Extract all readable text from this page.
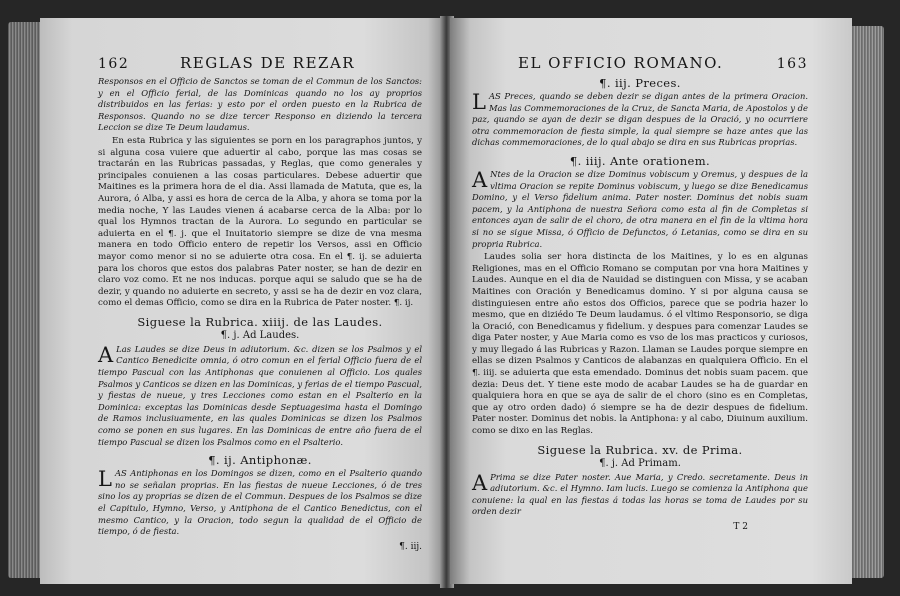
162	REGLAS DE REZAR

Responsos en el Officio de Sanctos se toman de el Commun de los Sanctos: y en el Officio ferial, de las Dominicas quando no los ay proprios distribuidos en las ferias: y esto por el orden puesto en la Rubrica de Responsos. Quando no se dize tercer Responso en diziendo la tercera Leccion se dize Te Deum laudamus.

En esta Rubrica y las siguientes se porn en los paragraphos juntos, y si alguna cosa vuiere que aduertir al cabo, porque las mas cosas se tractarán en las Rubricas passadas, y Reglas, que como generales y principales conuienen a las cosas particulares. Debese aduertir que Maitines es la primera hora de el dia. Assi llamada de Matuta, que es, la Aurora, ó Alba, y assi es hora de cerca de la Alba, y ahora se toma por la media noche, Y las Laudes vienen á acabarse cerca de la Alba: por lo qual los Hymnos tractan de la Aurora. Lo segundo en particular se aduierta en el ¶. j. que el Inuitatorio siempre se dize de vna mesma manera en todo Officio entero de repetir los Versos, assi en Officio mayor como menor si no se aduierte otra cosa. En el ¶. ij. se aduierta para los choros que estos dos palabras Pater noster, se han de dezir en claro voz como. Et ne nos inducas. porque aqui se saludo que se ha de dezir, y quando no aduierte en secreto, y assi se ha de dezir en voz clara, como el demas Officio, como se dira en la Rubrica de Pater noster. ¶. ij.

Siguese la Rubrica. xiiij. de las Laudes.
¶. j. Ad Laudes.

A Las Laudes se dize Deus in adiutorium. &c. dizen se los Psalmos y el Cantico Benedicite omnia, ó otro comun en el ferial Officio fuera de el tiempo Pascual con las Antiphonas que conuienen al Officio. Los quales Psalmos y Canticos se dizen en las Dominicas, y ferias de el tiempo Pascual, y fiestas de nueue, y tres Lecciones como estan en el Psalterio en la Dominica: exceptas las Dominicas desde Septuagesima hasta el Domingo de Ramos inclusiuamente, en las quales Dominicas se dizen los Psalmos como se ponen en sus lugares. En las Dominicas de entre año fuera de el tiempo Pascual se dizen los Psalmos como en el Psalterio.

¶. ij. Antiphonæ.

LAS Antiphonas en los Domingos se dizen, como en el Psalterio quando no se señalan proprias. En las fiestas de nueue Lecciones, ó de tres sino los ay proprias se dizen de el Commun. Despues de los Psalmos se dize el Capitulo, Hymno, Verso, y Antiphona de el Cantico Benedictus, con el mesmo Cantico, y la Oracion, todo segun la qualidad de el Officio de tiempo, ó de fiesta.

¶. iij.
EL OFFICIO ROMANO.	163
¶. iij. Preces.

LAS Preces, quando se deben dezir se digan antes de la primera Oracion. Mas las Commemoraciones de la Cruz, de Sancta Maria, de Apostolos y de paz, quando se ayan de dezir se digan despues de la Oració, y no ocurriere otra commemoracion de fiesta simple, la qual siempre se haze antes que las dichas commemoraciones, de lo qual abajo se dira en sus Rubricas proprias.

¶. iiij. Ante orationem.

A Ntes de la Oracion se dize Dominus vobiscum y Oremus, y despues de la vltima Oracion se repite Dominus vobiscum, y luego se dize Benedicamus Domino, y el Verso fidelium anima. Pater noster. Dominus det nobis suam pacem, y la Antiphona de nuestra Señora como esta al fin de Completas si entonces ayan de salir de el choro, de otra manera en el fin de la vltima hora si no se sigue Missa, ó Officio de Defunctos, ó Letanias, como se dira en su propria Rubrica.

Laudes solia ser hora distincta de los Maitines, y lo es en algunas Religiones, mas en el Officio Romano se computan por vna hora Maitines y Laudes. Aunque en el dia de Nauidad se distinguen con Missa, y se acaban Maitines con Oración y Benedicamus domino. Y si por alguna causa se distinguiesen entre año estos dos Officios, parece que se podria hazer lo mesmo, que en diziédo Te Deum laudamus. ó el vltimo Responsorio, se diga la Oració, con Benedicamus y fidelium. y despues para comenzar Laudes se diga Pater noster, y Aue Maria como es vso de los mas practicos y curiosos, y muy llegado á las Rubricas y Razon. Llaman se Laudes porque siempre en ellas se dizen Psalmos y Canticos de alabanzas en qualquiera Officio. En el ¶. iiij. se aduierta que esta emendado. Dominus det nobis suam pacem. que dezia: Deus det. Y tiene este modo de acabar Laudes se ha de guardar en qualquiera hora en que se aya de salir de el choro (sino es en Completas, que ay otro orden dado) ó siempre se ha de dezir despues de fidelium. Pater noster. Dominus det nobis. la Antiphona: y al cabo, Diuinum auxilium. como se dixo en las Reglas.

Siguese la Rubrica. xv. de Prima.
¶. j. Ad Primam.

A Prima se dize Pater noster. Aue Maria, y Credo. secretamente. Deus in adiutorium. &c. el Hymno. Iam lucis. Luego se comienza la Antiphona que conuiene: la qual en las fiestas á todas las horas se toma de Laudes por su orden dezir

T 2
